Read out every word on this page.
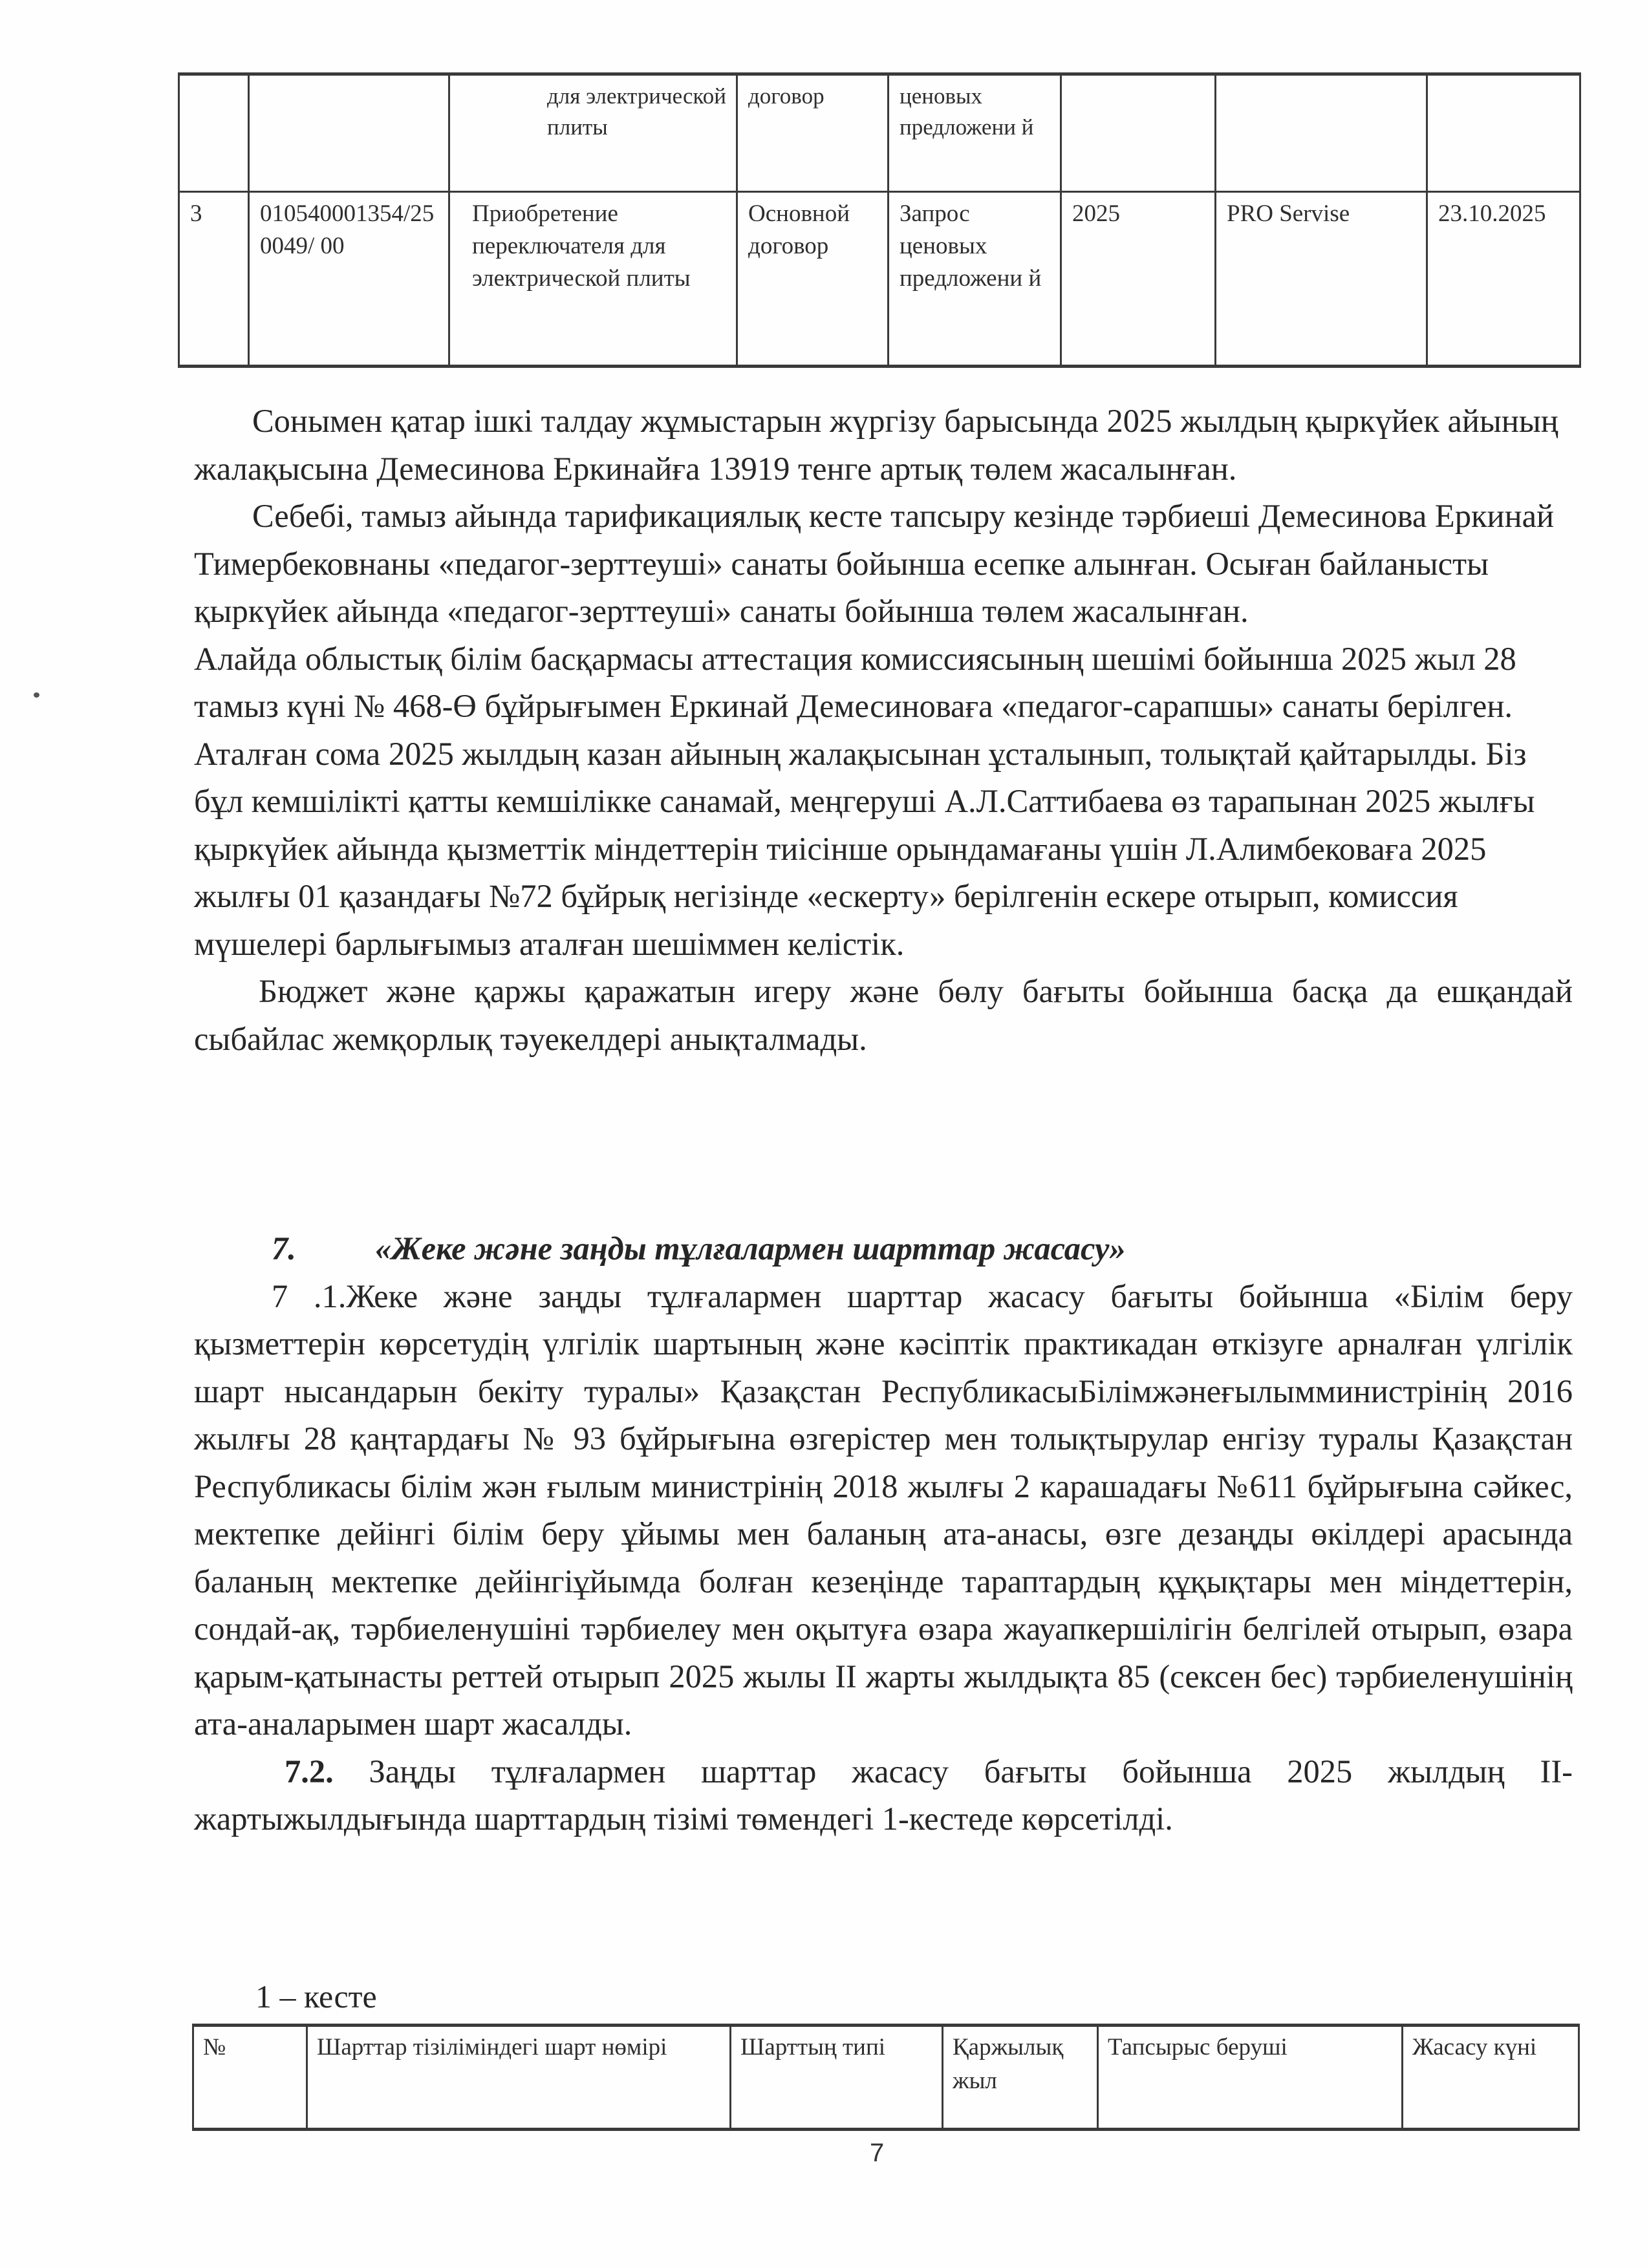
		для электрической плиты	договор	ценовых предложени й			
3	010540001354/250049/ 00	Приобретение переключателя для электрической плиты	Основной договор	Запрос ценовых предложени й	2025	PRO Servise	23.10.2025

Сонымен қатар ішкі талдау жұмыстарын жүргізу барысында 2025 жылдың қыркүйек айының жалақысына Демесинова Еркинайға 13919 тенге артық төлем жасалынған.

Себебі, тамыз айында тарификациялық кесте тапсыру кезінде тәрбиеші Демесинова Еркинай Тимербековнаны «педагог-зерттеуші» санаты бойынша есепке алынған. Осыған байланысты қыркүйек айында «педагог-зерттеуші» санаты бойынша төлем жасалынған.

Алайда облыстық білім басқармасы аттестация комиссиясының шешімі бойынша 2025 жыл 28 тамыз күні № 468-Ө бұйрығымен Еркинай Демесиноваға «педагог-сарапшы» санаты берілген. Аталған сома 2025 жылдың казан айының жалақысынан ұсталынып, толықтай қайтарылды. Біз бұл кемшілікті қатты кемшілікке санамай, меңгеруші А.Л.Саттибаева өз тарапынан 2025 жылғы қыркүйек айында қызметтік міндеттерін тиісінше орындамағаны үшін Л.Алимбековаға 2025 жылғы 01 қазандағы №72 бұйрық негізінде «ескерту» берілгенін ескере отырып, комиссия мүшелері барлығымыз аталған шешіммен келістік.

Бюджет және қаржы қаражатын игеру және бөлу бағыты бойынша басқа да ешқандай сыбайлас жемқорлық тәуекелдері анықталмады.

7. «Жеке және заңды тұлғалармен шарттар жасасу»

7 .1.Жеке және заңды тұлғалармен шарттар жасасу бағыты бойынша «Білім беру қызметтерін көрсетудің үлгілік шартының және кәсіптік практикадан өткізуге арналған үлгілік шарт нысандарын бекіту туралы» Қазақстан РеспубликасыБілімжәнеғылымминистрінің 2016 жылғы 28 қаңтардағы № 93 бұйрығына өзгерістер мен толықтырулар енгізу туралы Қазақстан Республикасы білім жән ғылым министрінің 2018 жылғы 2 карашадағы №611 бұйрығына сәйкес, мектепке дейінгі білім беру ұйымы мен баланың ата-анасы, өзге дезаңды өкілдері арасында баланың мектепке дейінгіұйымда болған кезеңінде тараптардың құқықтары мен міндеттерін, сондай-ақ, тәрбиеленушіні тәрбиелеу мен оқытуға өзара жауапкершілігін белгілей отырып, өзара қарым-қатынасты реттей отырып 2025 жылы II жарты жылдықта 85 (сексен бес) тәрбиеленушінің ата-аналарымен шарт жасалды.

7.2. Заңды тұлғалармен шарттар жасасу бағыты бойынша 2025 жылдың II-жартыжылдығында шарттардың тізімі төмендегі 1-кестеде көрсетілді.

1 – кесте
№	Шарттар тізіліміндегі шарт нөмірі	Шарттың типі	Қаржылық жыл	Тапсырыс беруші	Жасасу күні
7
